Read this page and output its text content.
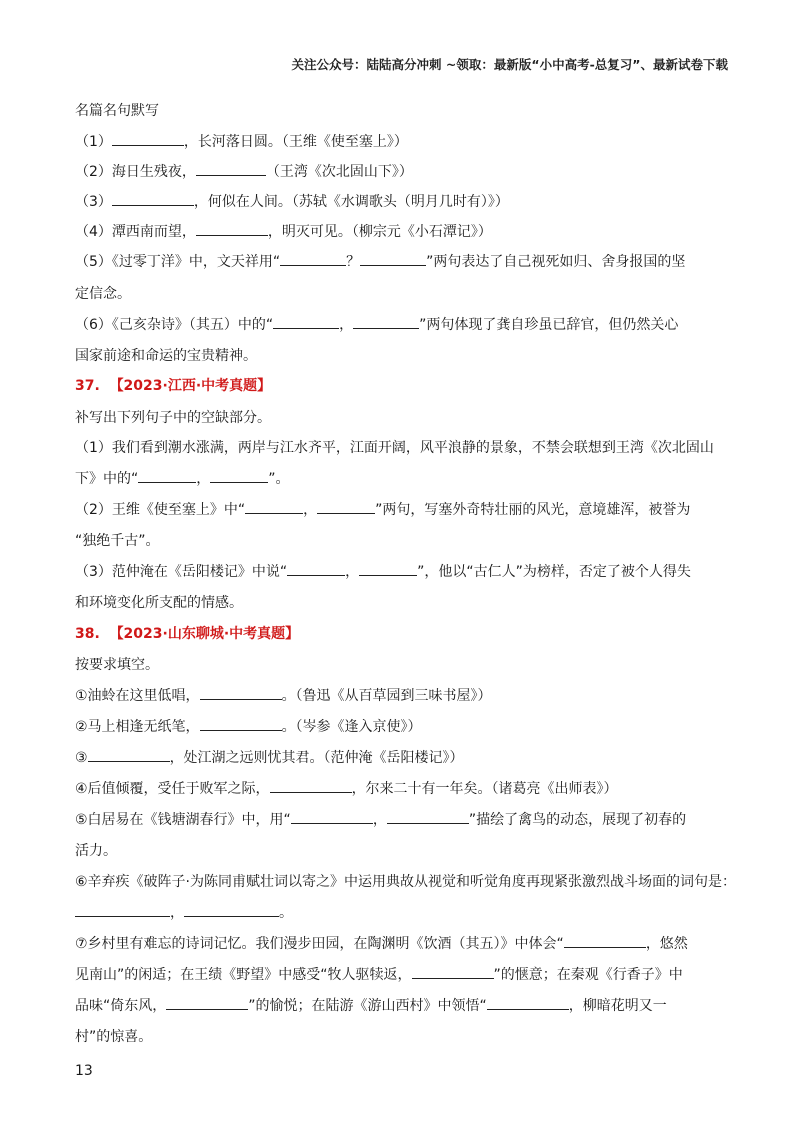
关注公众号：陆陆高分冲刺 ~领取：最新版“小中高考-总复习”、最新试卷下载
名篇名句默写
（1）	，长河落日圆。（王维《使至塞上》）
（2）海日生残夜，	（王湾《次北固山下》）
（3）	，何似在人间。（苏轼《水调歌头（明月几时有）》）
（4）潭西南而望，	，明灭可见。（柳宗元《小石潭记》）
（5）《过零丁洋》中，文天祥用“	？	”两句表达了自己视死如归、舍身报国的坚
定信念。
（6）《己亥杂诗》（其五）中的“	，	”两句体现了龚自珍虽已辞官，但仍然关心
国家前途和命运的宝贵精神。
37. 【2023·江西·中考真题】
补写出下列句子中的空缺部分。
（1）我们看到潮水涨满，两岸与江水齐平，江面开阔，风平浪静的景象，不禁会联想到王湾《次北固山
下》中的“	，	”。
（2）王维《使至塞上》中“	，	”两句，写塞外奇特壮丽的风光，意境雄浑，被誉为
“独绝千古”。
（3）范仲淹在《岳阳楼记》中说“	，	”，他以“古仁人”为榜样，否定了被个人得失
和环境变化所支配的情感。
38. 【2023·山东聊城·中考真题】
按要求填空。
①油蛉在这里低唱，	。（鲁迅《从百草园到三味书屋》）
②马上相逢无纸笔，	。（岑参《逢入京使》）
③	，处江湖之远则忧其君。（范仲淹《岳阳楼记》）
④后值倾覆，受任于败军之际，	，尔来二十有一年矣。（诸葛亮《出师表》）
⑤白居易在《钱塘湖春行》中，用“	，	”描绘了禽鸟的动态，展现了初春的
活力。
⑥辛弃疾《破阵子·为陈同甫赋壮词以寄之》中运用典故从视觉和听觉角度再现紧张激烈战斗场面的词句是：
，	。
⑦乡村里有难忘的诗词记忆。我们漫步田园，在陶渊明《饮酒（其五）》中体会“	，悠然
见南山”的闲适；在王绩《野望》中感受“牧人驱犊返，	”的惬意；在秦观《行香子》中
品味“倚东风，	”的愉悦；在陆游《游山西村》中领悟“	，柳暗花明又一
村”的惊喜。
13
